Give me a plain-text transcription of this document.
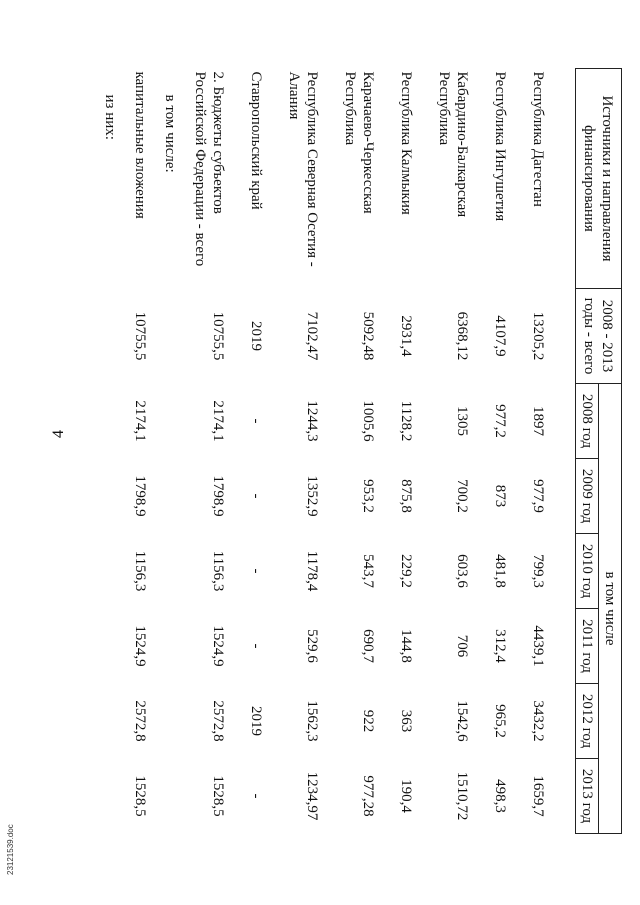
4
23121539.doc
Источники и направления финансирования	2008 - 2013 годы - всего	в том числе					
		2008 год	2009 год	2010 год	2011 год	2012 год	2013 год

Республика Дагестан	13205,2	1897	977,9	799,3	4439,1	3432,2	1659,7
Республика Ингушетия	4107,9	977,2	873	481,8	312,4	965,2	498,3
Кабардино-Балкарская Республика	6368,12	1305	700,2	603,6	706	1542,6	1510,72
Республика Калмыкия	2931,4	1128,2	875,8	229,2	144,8	363	190,4
Карачаево-Черкесская Республика	5092,48	1005,6	953,2	543,7	690,7	922	977,28
Республика Северная Осетия - Алания	7102,47	1244,3	1352,9	1178,4	529,6	1562,3	1234,97
Ставропольский край	2019	-	-	-	-	2019	-
2. Бюджеты субъектов Российской Федерации - всего	10755,5	2174,1	1798,9	1156,3	1524,9	2572,8	1528,5
в том числе:							
капитальные вложения	10755,5	2174,1	1798,9	1156,3	1524,9	2572,8	1528,5
из них:							
